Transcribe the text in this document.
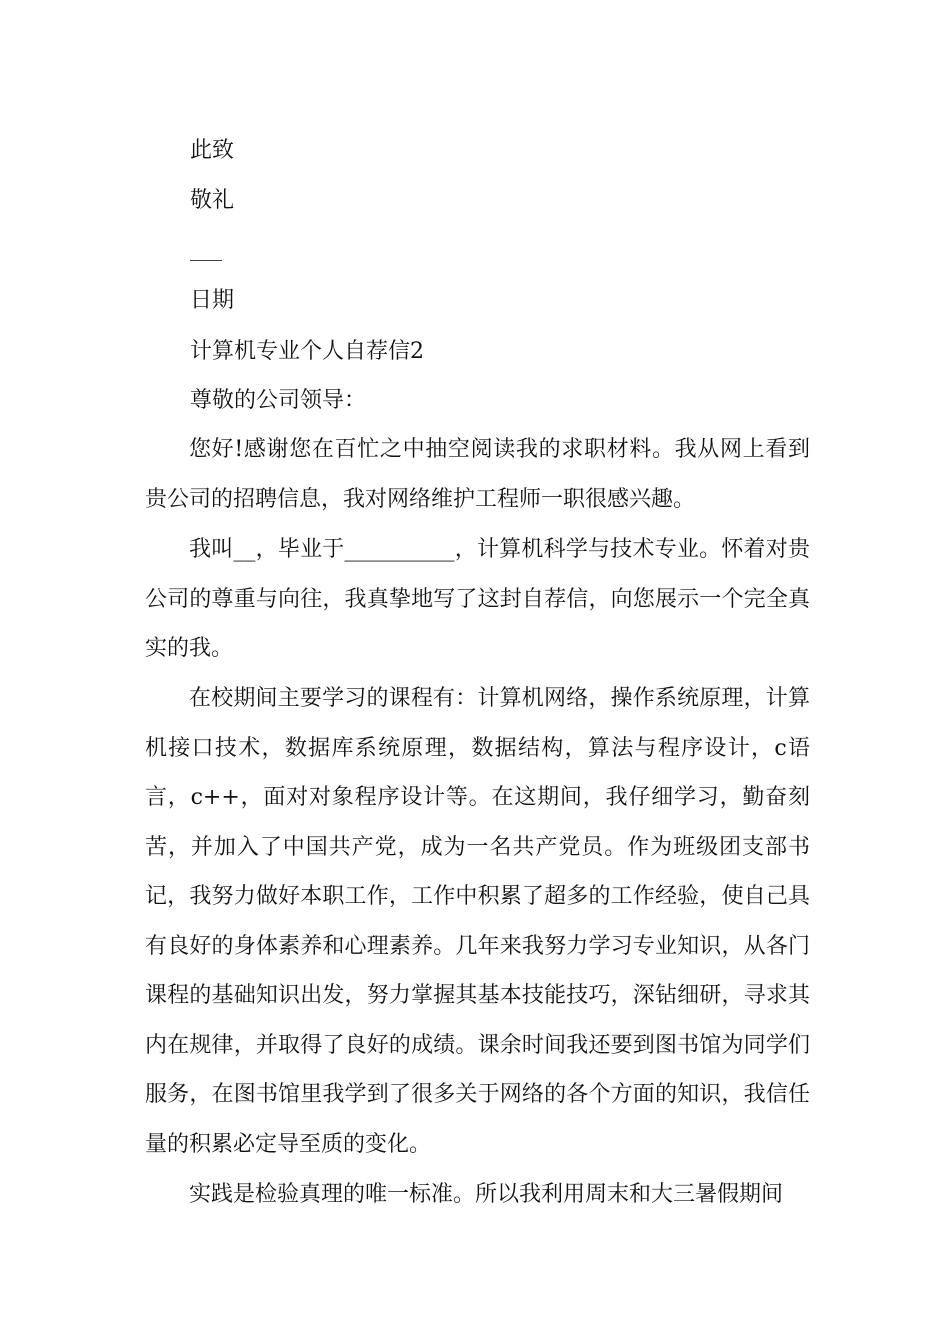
此致
敬礼
日期
计算机专业个人自荐信2
尊敬的公司领导：
您好!感谢您在百忙之中抽空阅读我的求职材料。我从网上看到贵公司的招聘信息，我对网络维护工程师一职很感兴趣。
我叫__，毕业于__________，计算机科学与技术专业。怀着对贵公司的尊重与向往，我真挚地写了这封自荐信，向您展示一个完全真实的我。
在校期间主要学习的课程有：计算机网络，操作系统原理，计算机接口技术，数据库系统原理，数据结构，算法与程序设计，c语言，c++，面对对象程序设计等。在这期间，我仔细学习，勤奋刻苦，并加入了中国共产党，成为一名共产党员。作为班级团支部书记，我努力做好本职工作，工作中积累了超多的工作经验，使自己具有良好的身体素养和心理素养。几年来我努力学习专业知识，从各门课程的基础知识出发，努力掌握其基本技能技巧，深钻细研，寻求其内在规律，并取得了良好的成绩。课余时间我还要到图书馆为同学们服务，在图书馆里我学到了很多关于网络的各个方面的知识，我信任量的积累必定导至质的变化。
实践是检验真理的唯一标准。所以我利用周末和大三暑假期间
